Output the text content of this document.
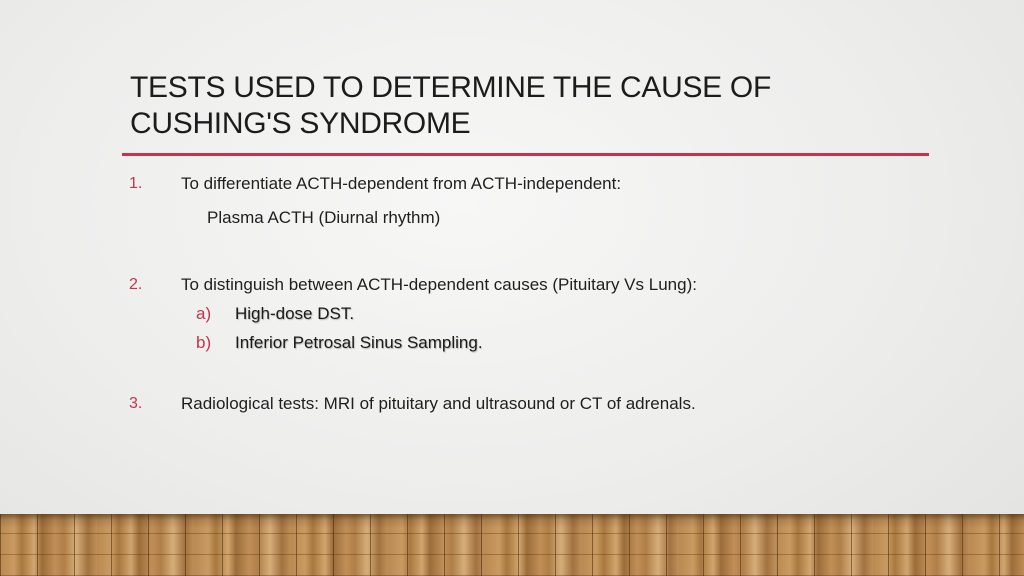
TESTS USED TO DETERMINE THE CAUSE OF
CUSHING'S SYNDROME
1. To differentiate ACTH-dependent from ACTH-independent:
Plasma ACTH (Diurnal rhythm)
2. To distinguish between ACTH-dependent causes (Pituitary Vs Lung):
a) High-dose DST.
b) Inferior Petrosal Sinus Sampling.
3. Radiological tests: MRI of pituitary and ultrasound or CT of adrenals.
